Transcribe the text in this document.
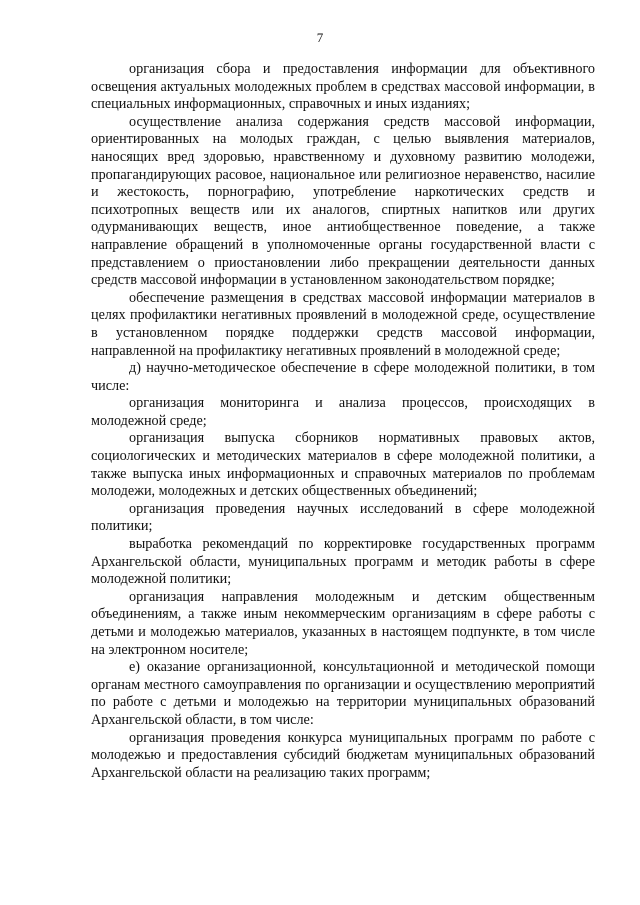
7

организация сбора и предоставления информации для объективного освещения актуальных молодежных проблем в средствах массовой информации, в специальных информационных, справочных и иных изданиях;

осуществление анализа содержания средств массовой информации, ориентированных на молодых граждан, с целью выявления материалов, наносящих вред здоровью, нравственному и духовному развитию молодежи, пропагандирующих расовое, национальное или религиозное неравенство, насилие и жестокость, порнографию, употребление наркотических средств и психотропных веществ или их аналогов, спиртных напитков или других одурманивающих веществ, иное антиобщественное поведение, а также направление обращений в уполномоченные органы государственной власти с представлением о приостановлении либо прекращении деятельности данных средств массовой информации в установленном законодательством порядке;

обеспечение размещения в средствах массовой информации материалов в целях профилактики негативных проявлений в молодежной среде, осуществление в установленном порядке поддержки средств массовой информации, направленной на профилактику негативных проявлений в молодежной среде;

д) научно-методическое обеспечение в сфере молодежной политики, в том числе:

организация мониторинга и анализа процессов, происходящих в молодежной среде;

организация выпуска сборников нормативных правовых актов, социологических и методических материалов в сфере молодежной политики, а также выпуска иных информационных и справочных материалов по проблемам молодежи, молодежных и детских общественных объединений;

организация проведения научных исследований в сфере молодежной политики;

выработка рекомендаций по корректировке государственных программ Архангельской области, муниципальных программ и методик работы в сфере молодежной политики;

организация направления молодежным и детским общественным объединениям, а также иным некоммерческим организациям в сфере работы с детьми и молодежью материалов, указанных в настоящем подпункте, в том числе на электронном носителе;

е) оказание организационной, консультационной и методической помощи органам местного самоуправления по организации и осуществлению мероприятий по работе с детьми и молодежью на территории муниципальных образований Архангельской области, в том числе:

организация проведения конкурса муниципальных программ по работе с молодежью и предоставления субсидий бюджетам муниципальных образований Архангельской области на реализацию таких программ;
